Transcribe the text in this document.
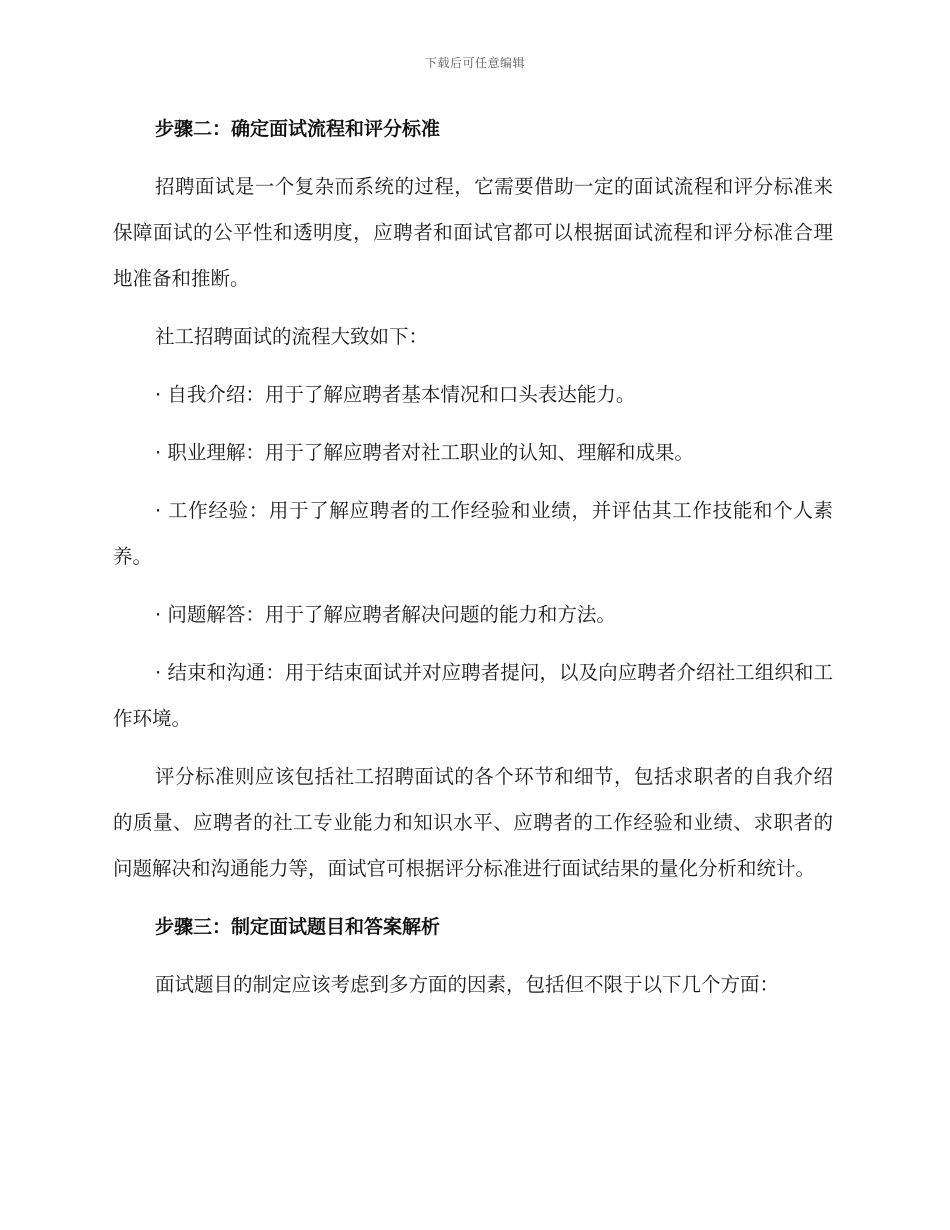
下载后可任意编辑
步骤二：确定面试流程和评分标准

招聘面试是一个复杂而系统的过程，它需要借助一定的面试流程和评分标准来保障面试的公平性和透明度，应聘者和面试官都可以根据面试流程和评分标准合理地准备和推断。

社工招聘面试的流程大致如下：

· 自我介绍：用于了解应聘者基本情况和口头表达能力。

· 职业理解：用于了解应聘者对社工职业的认知、理解和成果。

· 工作经验：用于了解应聘者的工作经验和业绩，并评估其工作技能和个人素养。

· 问题解答：用于了解应聘者解决问题的能力和方法。

· 结束和沟通：用于结束面试并对应聘者提问，以及向应聘者介绍社工组织和工作环境。

评分标准则应该包括社工招聘面试的各个环节和细节，包括求职者的自我介绍的质量、应聘者的社工专业能力和知识水平、应聘者的工作经验和业绩、求职者的问题解决和沟通能力等，面试官可根据评分标准进行面试结果的量化分析和统计。

步骤三：制定面试题目和答案解析

面试题目的制定应该考虑到多方面的因素，包括但不限于以下几个方面：
